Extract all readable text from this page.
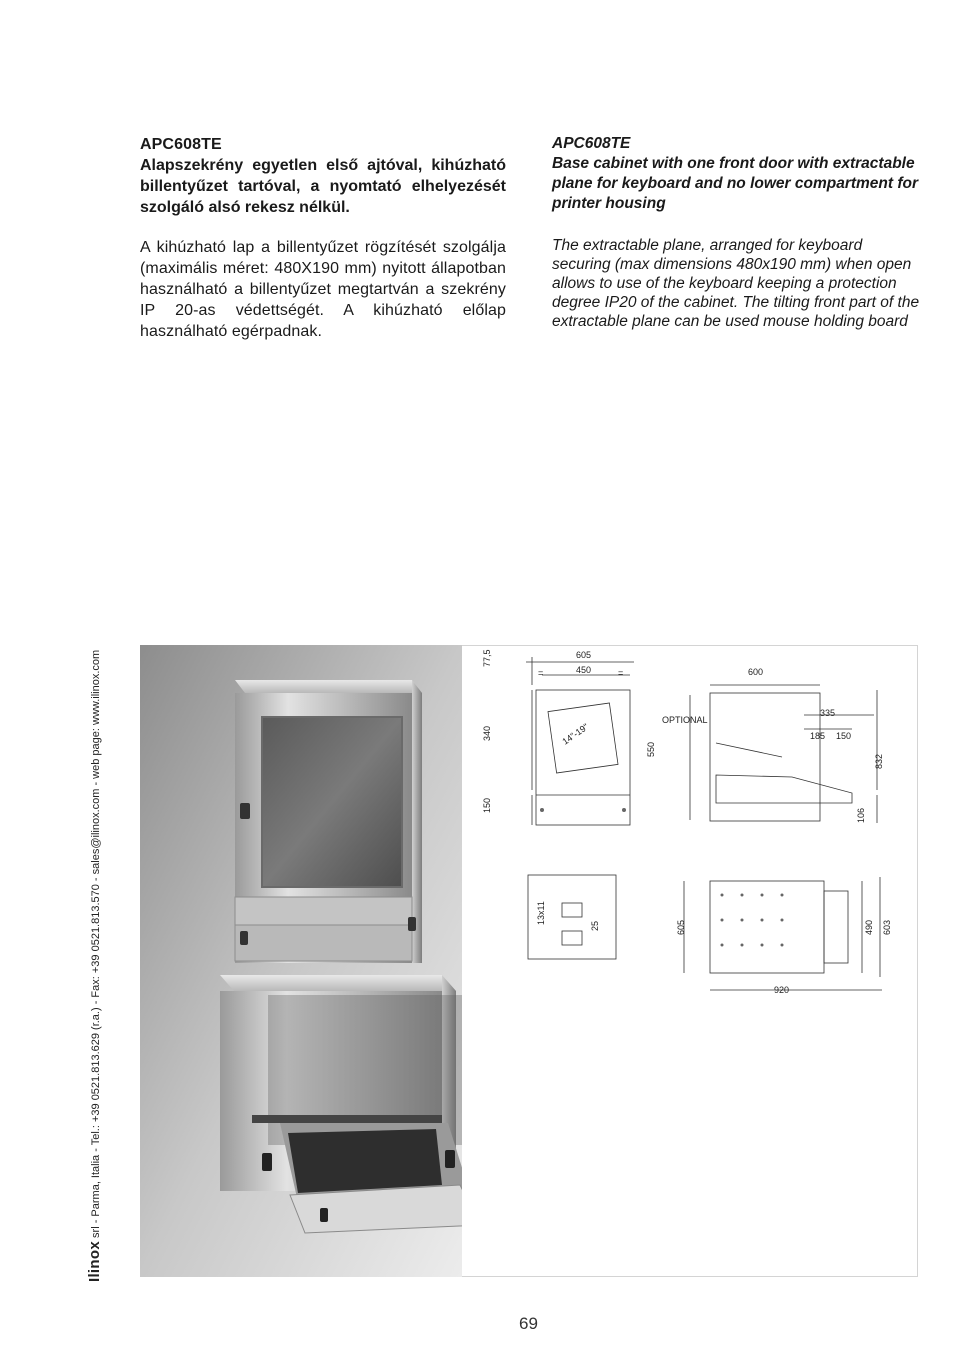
APC608TE

Alapszekrény egyetlen első ajtóval, kihúzható billentyűzet tartóval, a nyomtató elhelyezését szolgáló alsó rekesz nélkül.

A kihúzható lap a billentyűzet rögzítését szolgálja (maximális méret: 480X190 mm) nyitott állapotban használható a billentyűzet megtartván a szekrény IP 20-as védettségét. A kihúzható előlap használható egérpadnak.

APC608TE

Base cabinet with one front door with extractable plane for keyboard and no lower compartment for printer housing

The extractable plane, arranged for keyboard securing (max dimensions 480x190 mm) when open allows to use of the keyboard keeping a protection degree IP20 of the cabinet. The tilting front part of the extractable plane can be used mouse holding board

77,5	605
450
=	=	600
340	14"-19"
OPTIONAL
335
185 150
550
832
150
106
13x11
25	605	490 603
920
Ilinox srl - Parma, Italia - Tel.: +39 0521.813.629 (r.a.) - Fax: +39 0521.813.570 - sales@ilinox.com - web page: www.ilinox.com
69
